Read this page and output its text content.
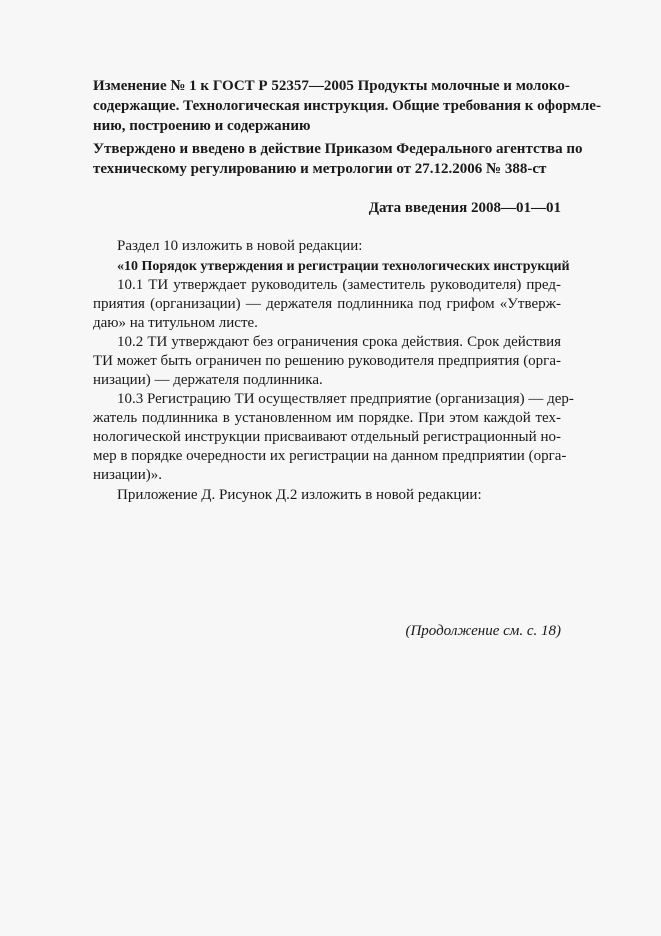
Изменение № 1 к ГОСТ Р 52357—2005 Продукты молочные и молоко-
содержащие. Технологическая инструкция. Общие требования к оформле-
нию, построению и содержанию
Утверждено и введено в действие Приказом Федерального агентства по
техническому регулированию и метрологии от 27.12.2006 № 388-ст
Дата введения 2008—01—01
Раздел 10 изложить в новой редакции:
«10 Порядок утверждения и регистрации технологических инструкций
10.1 ТИ утверждает руководитель (заместитель руководителя) пред-
приятия (организации) — держателя подлинника под грифом «Утверж-
даю» на титульном листе.
10.2 ТИ утверждают без ограничения срока действия. Срок действия
ТИ может быть ограничен по решению руководителя предприятия (орга-
низации) — держателя подлинника.
10.3 Регистрацию ТИ осуществляет предприятие (организация) — дер-
жатель подлинника в установленном им порядке. При этом каждой тех-
нологической инструкции присваивают отдельный регистрационный но-
мер в порядке очередности их регистрации на данном предприятии (орга-
низации)».
Приложение Д. Рисунок Д.2 изложить в новой редакции:
(Продолжение см. с. 18)
